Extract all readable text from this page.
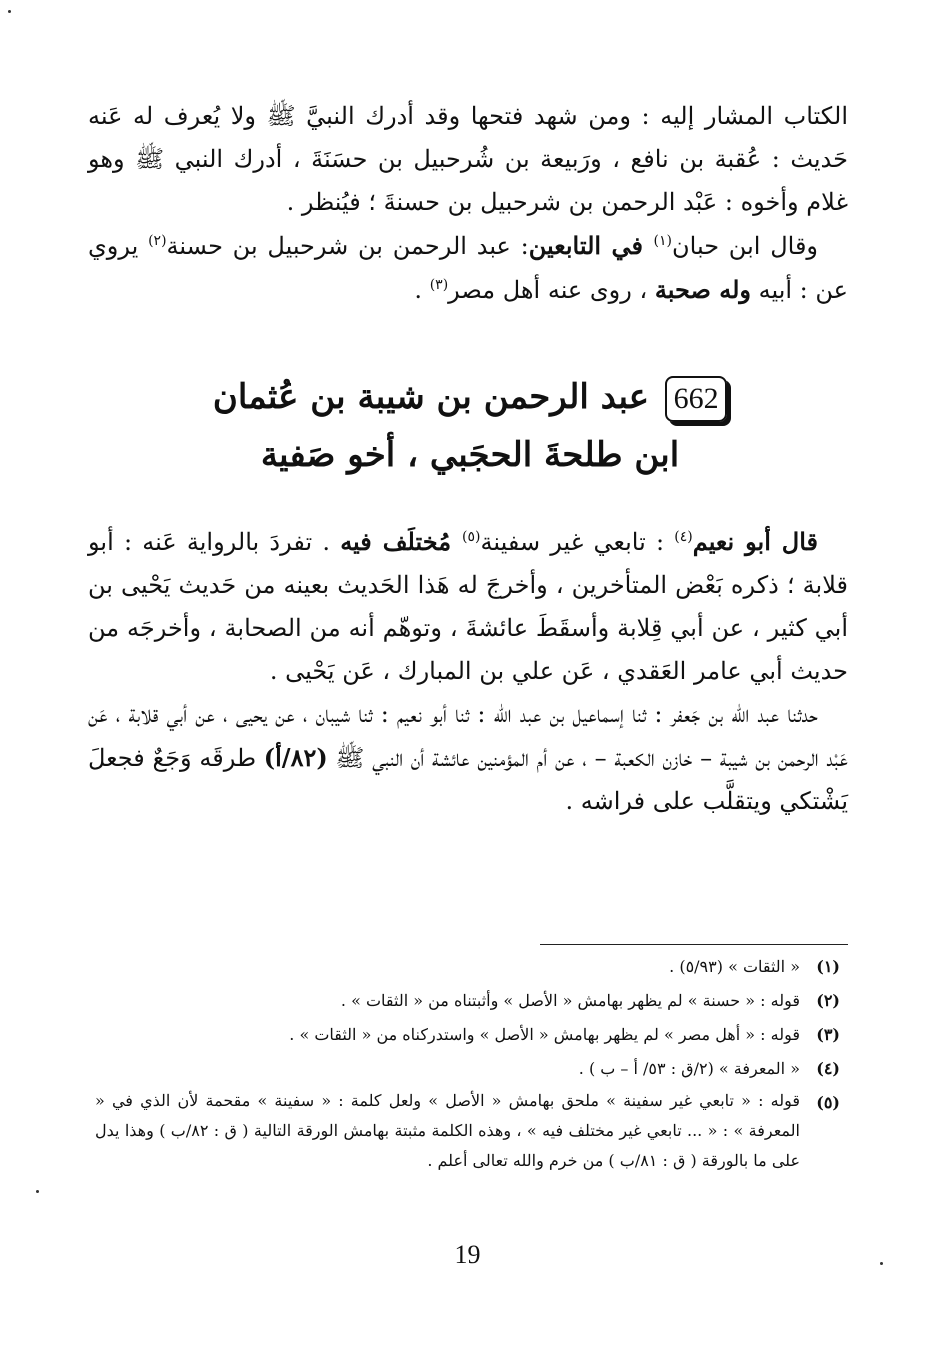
الكتاب المشار إليه : ومن شهد فتحها وقد أدرك النبيَّ ﷺ ولا يُعرف له عَنه حَديث : عُقبة بن نافع ، ورَبيعة بن شُرحبيل بن حسَنَةَ ، أدرك النبي ﷺ وهو غلام وأخوه : عَبْد الرحمن بن شرحبيل بن حسنةَ ؛ فيُنظر .

وقال ابن حبان$^{(١)}$ في التابعين: عبد الرحمن بن شرحبيل بن حسنة$^{(٢)}$ يروي عن : أبيه وله صحبة ، روى عنه أهل مصر$^{(٣)}$ .

662عبد الرحمن بن شيبة بن عُثمان
ابن طلحةَ الحجَبي ، أخو صَفية

قال أبو نعيم$^{(٤)}$ : تابعي غير سفينة$^{(٥)}$ مُختلَف فيه . تفردَ بالرواية عَنه : أبو قلابة ؛ ذكره بَعْض المتأخرين ، وأخرجَ له هَذا الحَديث بعينه من حَديث يَحْيى بن أبي كثير ، عن أبي قِلابة وأسقَطَ عائشةَ ، وتوهّم أنه من الصحابة ، وأخرجَه من حديث أبي عامر العَقدي ، عَن علي بن المبارك ، عَن يَحْيى .

حدثنا عبد اللّه بن جَعفر : ثنا إسماعيل بن عبد اللّه : ثنا أبو نعيم : ثنا شيبان ، عن يحيى ، عن أبي قلابة ، عَن عَبْد الرحمن بن شيبة – خازن الكعبة – ، عن أم المؤمنين عائشة أن النبي ﷺ (٨٢/أ) طرقَه وَجَعٌ فجعلَ يَشْتكي ويتقلَّب على فراشه .

(١)
« الثقات » (٥/٩٣) .
(٢)
قوله : « حسنة » لم يظهر بهامش « الأصل » وأثبتناه من « الثقات » .
(٣)
قوله : « أهل مصر » لم يظهر بهامش « الأصل » واستدركناه من « الثقات » .
(٤)
« المعرفة » (٢/ق : ٥٣/ أ – ب ) .
(٥)
قوله : « تابعي غير سفينة » ملحق بهامش « الأصل » ولعل كلمة : « سفينة » مقحمة لأن الذي في « المعرفة » : « ... تابعي غير مختلف فيه » ، وهذه الكلمة مثبتة بهامش الورقة التالية ( ق : ٨٢/ب ) وهذا يدل على ما بالورقة ( ق : ٨١/ب ) من خرم والله تعالى أعلم .
19
